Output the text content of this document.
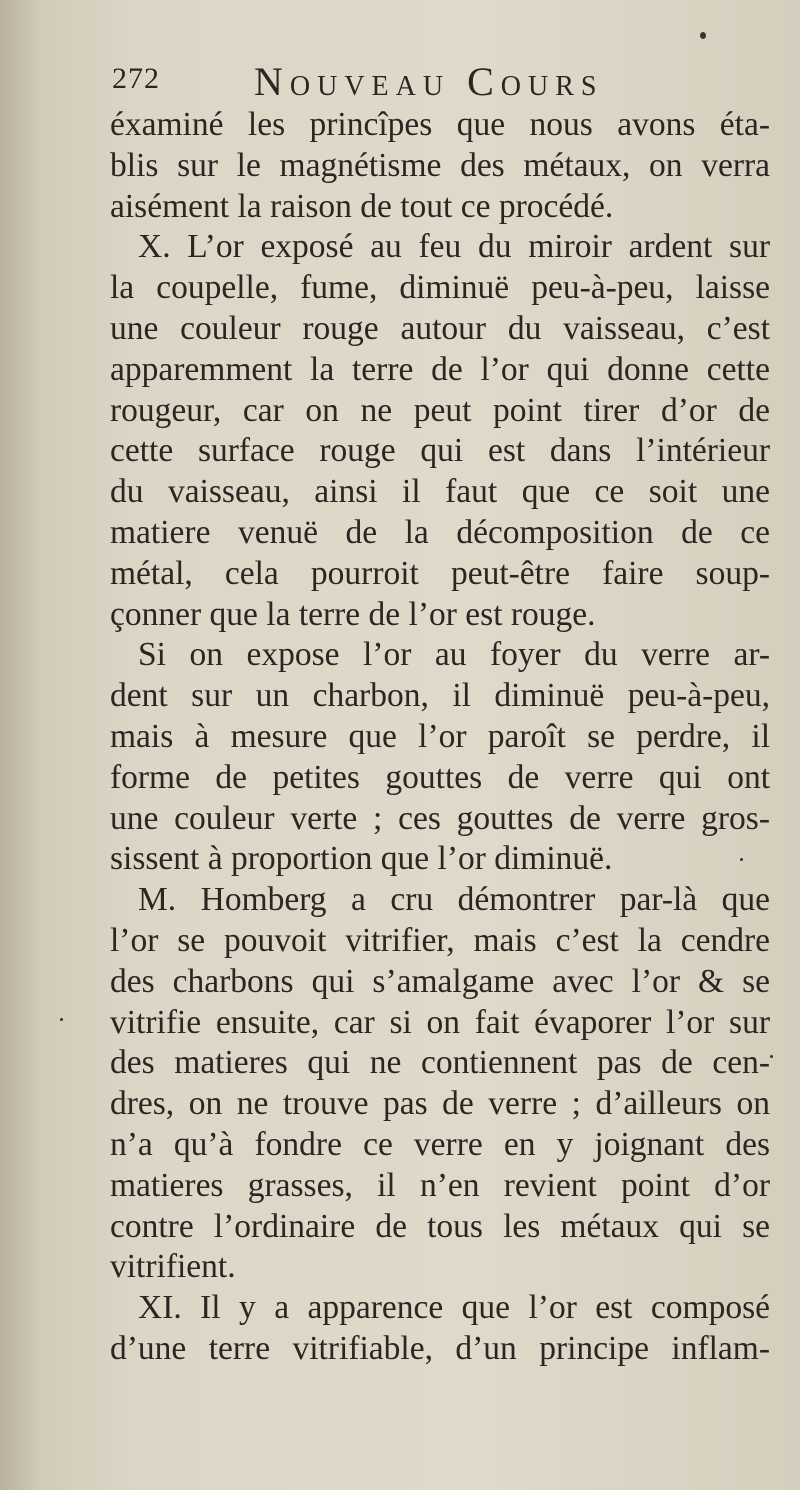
272 Nouveau Cours
éxaminé les princîpes que nous avons éta-
blis sur le magnétisme des métaux, on verra
aisément la raison de tout ce procédé.
X. L’or exposé au feu du miroir ardent sur
la coupelle, fume, diminuë peu-à-peu, laisse
une couleur rouge autour du vaisseau, c’est
apparemment la terre de l’or qui donne cette
rougeur, car on ne peut point tirer d’or de
cette surface rouge qui est dans l’intérieur
du vaisseau, ainsi il faut que ce soit une
matiere venuë de la décomposition de ce
métal, cela pourroit peut-être faire soup-
çonner que la terre de l’or est rouge.
Si on expose l’or au foyer du verre ar-
dent sur un charbon, il diminuë peu-à-peu,
mais à mesure que l’or paroît se perdre, il
forme de petites gouttes de verre qui ont
une couleur verte ; ces gouttes de verre gros-
sissent à proportion que l’or diminuë.
M. Homberg a cru démontrer par-là que
l’or se pouvoit vitrifier, mais c’est la cendre
des charbons qui s’amalgame avec l’or & se
vitrifie ensuite, car si on fait évaporer l’or sur
des matieres qui ne contiennent pas de cen-
dres, on ne trouve pas de verre ; d’ailleurs on
n’a qu’à fondre ce verre en y joignant des
matieres grasses, il n’en revient point d’or
contre l’ordinaire de tous les métaux qui se
vitrifient.
XI. Il y a apparence que l’or est composé
d’une terre vitrifiable, d’un principe inflam-
